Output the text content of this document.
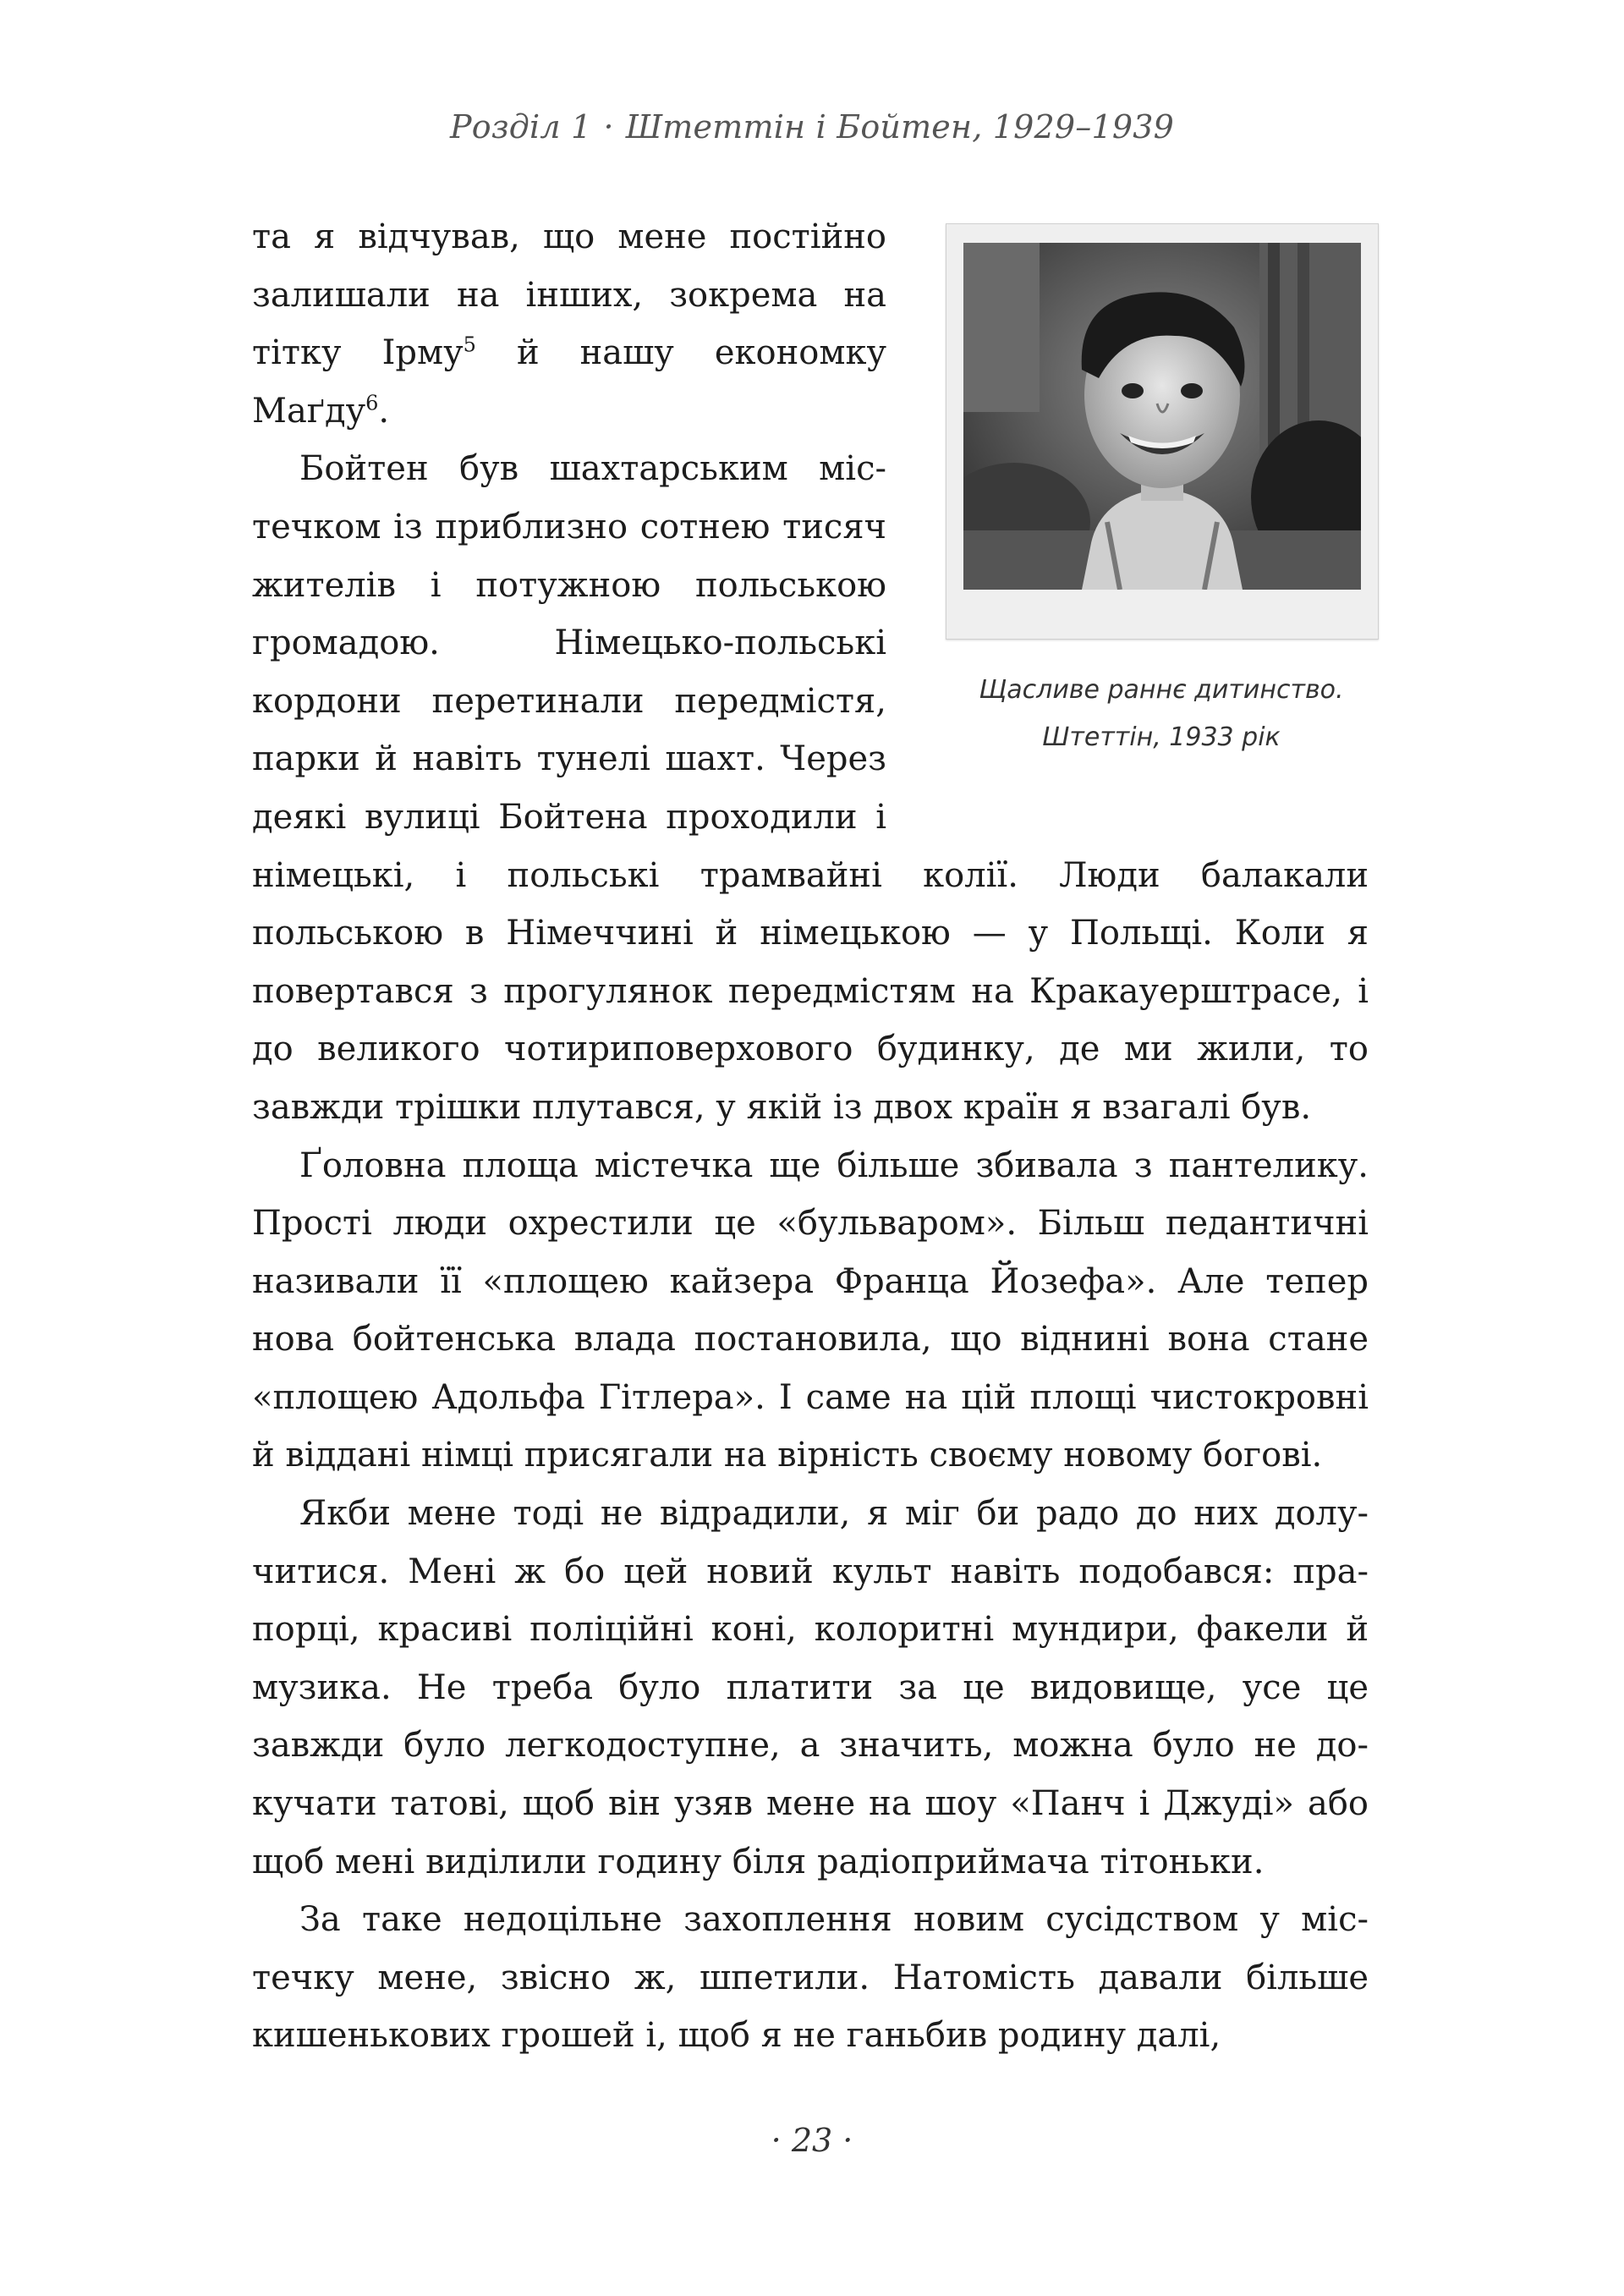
Розділ 1 · Штеттін і Бойтен, 1929–1939
Щасливе раннє дитинство.
Штеттін, 1933 рік

та я відчував, що мене постійно залишали на інших, зокрема на тітку Ірму$^5$ й нашу економку Маґду$^6$.

Бойтен був шахтарським містечком із приблизно сотнею тисяч жителів і потужною польською громадою. Німецько-польські кордони перетинали передмістя, парки й навіть тунелі шахт. Через деякі вулиці Бойтена проходили і німецькі, і польські трамвайні колії. Люди балакали польською в Німеччині й німецькою — у Польщі. Коли я повертався з прогулянок передмістям на Кракауерштрасе, і до великого чотириповерхового будинку, де ми жили, то завжди трішки плутався, у якій із двох країн я взагалі був.

Ґоловна площа містечка ще більше збивала з пантелику. Прості люди охрестили це «бульваром». Більш педантичні називали її «площею кайзера Франца Йозефа». Але тепер нова бойтенська влада постановила, що віднині вона стане «площею Адольфа Гітлера». І саме на цій площі чистокровні й віддані німці присягали на вірність своєму новому богові.

Якби мене тоді не відрадили, я міг би радо до них долучитися. Мені ж бо цей новий культ навіть подобався: прапорці, красиві поліційні коні, колоритні мундири, факели й музика. Не треба було платити за це видовище, усе це завжди було легкодоступне, а значить, можна було не докучати татові, щоб він узяв мене на шоу «Панч і Джуді» або щоб мені виділили годину біля радіоприймача тітоньки.

За таке недоцільне захоплення новим сусідством у містечку мене, звісно ж, шпетили. Натомість давали більше кишенькових грошей і, щоб я не ганьбив родину далі,

· 23 ·
